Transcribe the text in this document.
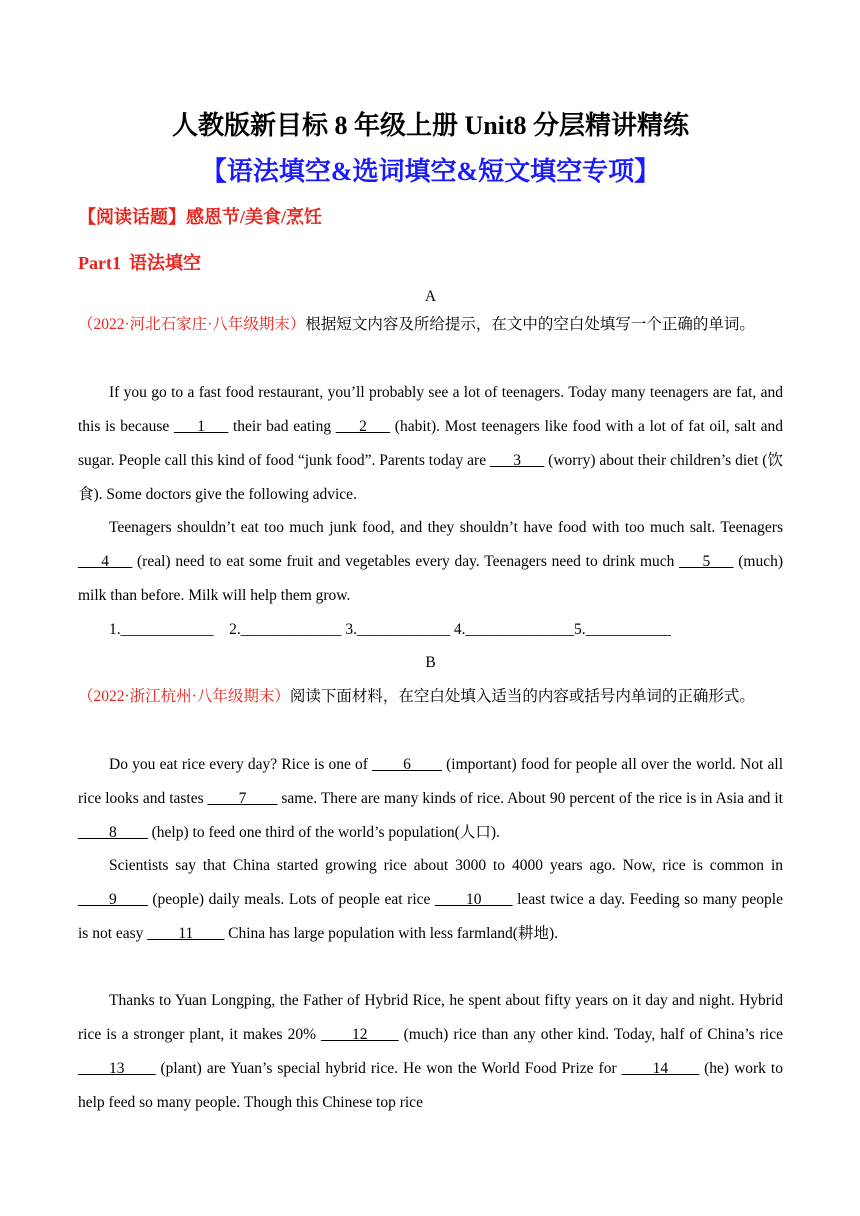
人教版新目标 8 年级上册 Unit8 分层精讲精练
【语法填空&选词填空&短文填空专项】
【阅读话题】感恩节/美食/烹饪
Part1 语法填空
A
（2022·河北石家庄·八年级期末）根据短文内容及所给提示，在文中的空白处填写一个正确的单词。
If you go to a fast food restaurant, you’ll probably see a lot of teenagers. Today many teenagers are fat, and this is because ___1___ their bad eating ___2___ (habit). Most teenagers like food with a lot of fat oil, salt and sugar. People call this kind of food “junk food”. Parents today are ___3___ (worry) about their children’s diet (饮食). Some doctors give the following advice.
Teenagers shouldn’t eat too much junk food, and they shouldn’t have food with too much salt. Teenagers ___4___ (real) need to eat some fruit and vegetables every day. Teenagers need to drink much ___5___ (much) milk than before. Milk will help them grow.
1.____________    2._____________ 3.____________ 4.______________5.___________
B
（2022·浙江杭州·八年级期末）阅读下面材料，在空白处填入适当的内容或括号内单词的正确形式。
Do you eat rice every day? Rice is one of ____6____ (important) food for people all over the world. Not all rice looks and tastes ____7____ same. There are many kinds of rice. About 90 percent of the rice is in Asia and it ____8____ (help) to feed one third of the world’s population(人口).
Scientists say that China started growing rice about 3000 to 4000 years ago. Now, rice is common in ____9____ (people) daily meals. Lots of people eat rice ____10____ least twice a day. Feeding so many people is not easy ____11____ China has large population with less farmland(耕地).
Thanks to Yuan Longping, the Father of Hybrid Rice, he spent about fifty years on it day and night. Hybrid rice is a stronger plant, it makes 20% ____12____ (much) rice than any other kind. Today, half of China’s rice ____13____ (plant) are Yuan’s special hybrid rice. He won the World Food Prize for ____14____ (he) work to help feed so many people. Though this Chinese top rice
